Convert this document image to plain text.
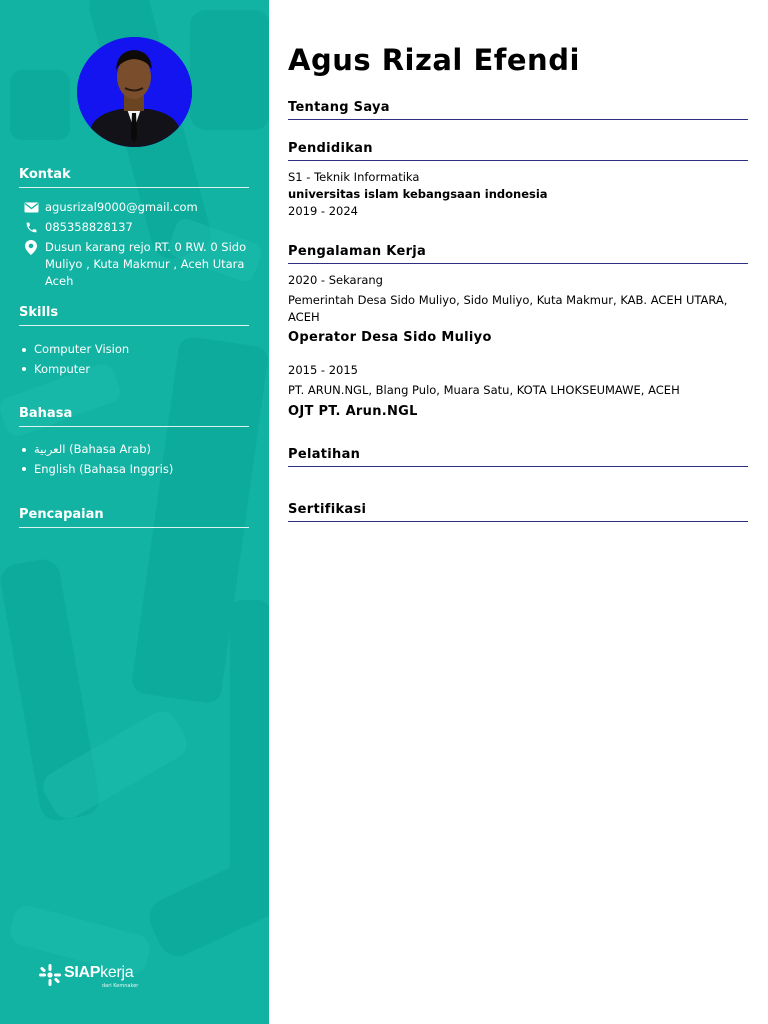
Kontak
agusrizal9000@gmail.com
085358828137
Dusun karang rejo RT. 0 RW. 0 Sido Muliyo , Kuta Makmur , Aceh Utara Aceh
Skills
Computer Vision
Komputer
Bahasa
العربية (Bahasa Arab)
English (Bahasa Inggris)
Pencapaian
SIAPkerja
dari Kemnaker
Agus Rizal Efendi
Tentang Saya
Pendidikan
S1 - Teknik Informatika
universitas islam kebangsaan indonesia
2019 - 2024
Pengalaman Kerja
2020 - Sekarang
Pemerintah Desa Sido Muliyo, Sido Muliyo, Kuta Makmur, KAB. ACEH UTARA, ACEH
Operator Desa Sido Muliyo
2015 - 2015
PT. ARUN.NGL, Blang Pulo, Muara Satu, KOTA LHOKSEUMAWE, ACEH
OJT PT. Arun.NGL
Pelatihan
Sertifikasi
